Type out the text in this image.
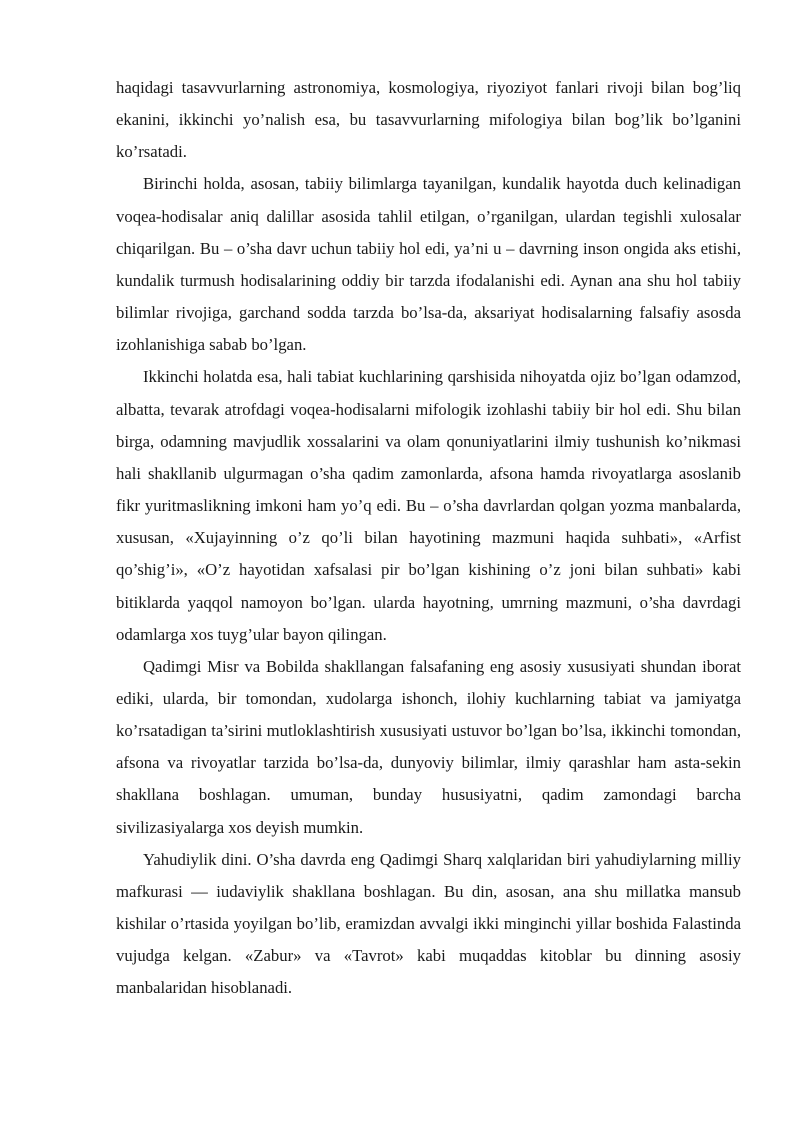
haqidagi tasavvurlarning astronomiya, kosmologiya, riyoziyot fanlari rivoji bilan bog’liq ekanini, ikkinchi yo’nalish esa, bu tasavvurlarning mifologiya bilan bog’lik bo’lganini ko’rsatadi.

Birinchi holda, asosan, tabiiy bilimlarga tayanilgan, kundalik hayotda duch kelinadigan voqea-hodisalar aniq dalillar asosida tahlil etilgan, o’rganilgan, ulardan tegishli xulosalar chiqarilgan. Bu – o’sha davr uchun tabiiy hol edi, ya’ni u – davrning inson ongida aks etishi, kundalik turmush hodisalarining oddiy bir tarzda ifodalanishi edi. Aynan ana shu hol tabiiy bilimlar rivojiga, garchand sodda tarzda bo’lsa-da, aksariyat hodisalarning falsafiy asosda izohlanishiga sabab bo’lgan.

Ikkinchi holatda esa, hali tabiat kuchlarining qarshisida nihoyatda ojiz bo’lgan odamzod, albatta, tevarak atrofdagi voqea-hodisalarni mifologik izohlashi tabiiy bir hol edi. Shu bilan birga, odamning mavjudlik xossalarini va olam qonuniyatlarini ilmiy tushunish ko’nikmasi hali shakllanib ulgurmagan o’sha qadim zamonlarda, afsona hamda rivoyatlarga asoslanib fikr yuritmaslikning imkoni ham yo’q edi. Bu – o’sha davrlardan qolgan yozma manbalarda, xususan, «Xujayinning o’z qo’li bilan hayotining mazmuni haqida suhbati», «Arfist qo’shig’i», «O’z hayotidan xafsalasi pir bo’lgan kishining o’z joni bilan suhbati» kabi bitiklarda yaqqol namoyon bo’lgan. ularda hayotning, umrning mazmuni, o’sha davrdagi odamlarga xos tuyg’ular bayon qilingan.

Qadimgi Misr va Bobilda shakllangan falsafaning eng asosiy xususiyati shundan iborat ediki, ularda, bir tomondan, xudolarga ishonch, ilohiy kuchlarning tabiat va jamiyatga ko’rsatadigan ta’sirini mutloklashtirish xususiyati ustuvor bo’lgan bo’lsa, ikkinchi tomondan, afsona va rivoyatlar tarzida bo’lsa-da, dunyoviy bilimlar, ilmiy qarashlar ham asta-sekin shakllana boshlagan. umuman, bunday hususiyatni, qadim zamondagi barcha sivilizasiyalarga xos deyish mumkin.

Yahudiylik dini. O’sha davrda eng Qadimgi Sharq xalqlaridan biri yahudiylarning milliy mafkurasi — iudaviylik shakllana boshlagan. Bu din, asosan, ana shu millatka mansub kishilar o’rtasida yoyilgan bo’lib, eramizdan avvalgi ikki minginchi yillar boshida Falastinda vujudga kelgan. «Zabur» va «Tavrot» kabi muqaddas kitoblar bu dinning asosiy manbalaridan hisoblanadi.
